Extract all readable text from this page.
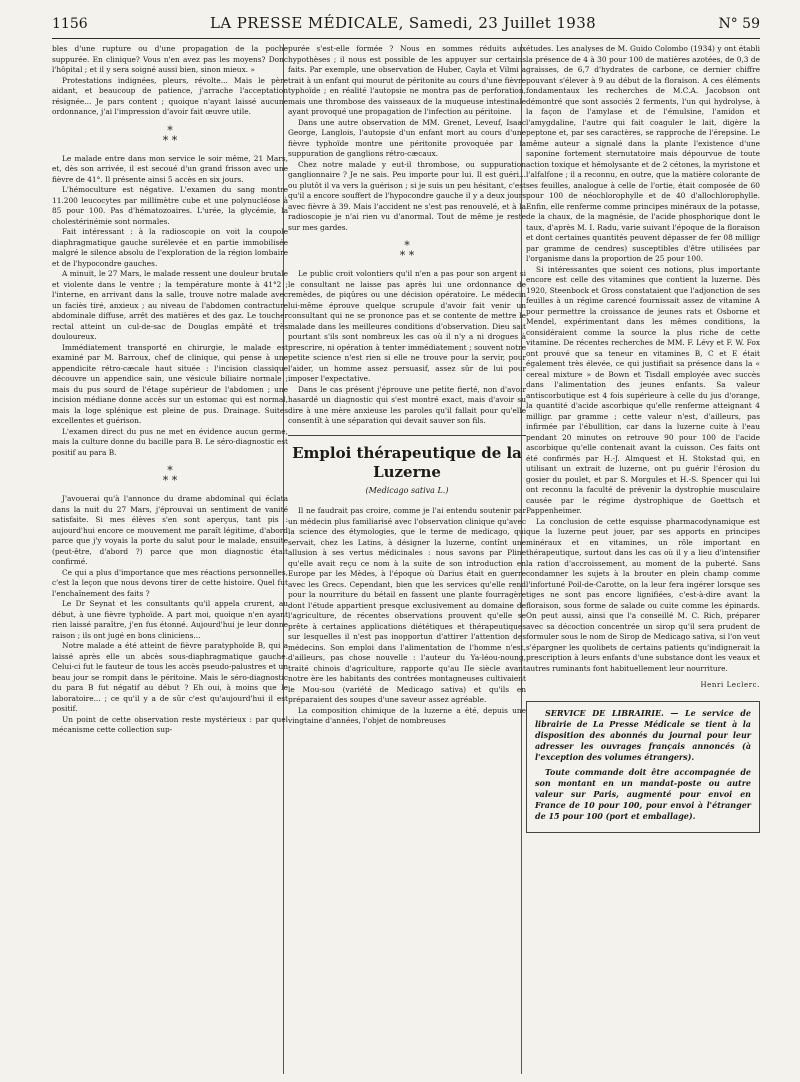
1156	LA PRESSE MÉDICALE, Samedi, 23 Juillet 1938	N° 59

bles d'une rupture ou d'une propagation de la poche suppurée. En clinique? Vous n'en avez pas les moyens? Donc l'hôpital ; et il y sera soigné aussi bien, sinon mieux. »

Protestations indignées, pleurs, révolte... Mais le père aidant, et beaucoup de patience, j'arrache l'acceptation résignée... Je pars content ; quoique n'ayant laissé aucune ordonnance, j'ai l'impression d'avoir fait œuvre utile.

*
* *

Le malade entre dans mon service le soir même, 21 Mars, et, dès son arrivée, il est secoué d'un grand frisson avec une fièvre de 41°. Il présente ainsi 5 accès en six jours.

L'hémoculture est négative. L'examen du sang montre 11.200 leucocytes par millimètre cube et une polynucléose à 85 pour 100. Pas d'hématozoaires. L'urée, la glycémie, la cholestérinémie sont normales.

Fait intéressant : à la radioscopie on voit la coupole diaphragmatique gauche surélevée et en partie immobilisée malgré le silence absolu de l'exploration de la région lombaire et de l'hypocondre gauches.

A minuit, le 27 Mars, le malade ressent une douleur brutale et violente dans le ventre ; la température monte à 41°2 ; l'interne, en arrivant dans la salle, trouve notre malade avec un faciès tiré, anxieux ; au niveau de l'abdomen contracture abdominale diffuse, arrêt des matières et des gaz. Le toucher rectal atteint un cul-de-sac de Douglas empâté et très douloureux.

Immédiatement transporté en chirurgie, le malade est examiné par M. Barroux, chef de clinique, qui pense à une appendicite rétro-cæcale haut située : l'incision classique découvre un appendice sain, une vésicule biliaire normale ; mais du pus sourd de l'étage supérieur de l'abdomen ; une incision médiane donne accès sur un estomac qui est normal, mais la loge splénique est pleine de pus. Drainage. Suites excellentes et guérison.

L'examen direct du pus ne met en évidence aucun germe, mais la culture donne du bacille para B. Le séro-diagnostic est positif au para B.

*
* *

J'avouerai qu'à l'annonce du drame abdominal qui éclata dans la nuit du 27 Mars, j'éprouvai un sentiment de vanité satisfaite. Si mes élèves s'en sont aperçus, tant pis : aujourd'hui encore ce mouvement me paraît légitime, d'abord parce que j'y voyais la porte du salut pour le malade, ensuite (peut-être, d'abord ?) parce que mon diagnostic était confirmé.

Ce qui a plus d'importance que mes réactions personnelles, c'est la leçon que nous devons tirer de cette histoire. Quel fut l'enchaînement des faits ?

Le Dr Seynat et les consultants qu'il appela crurent, au début, à une fièvre typhoïde. A part moi, quoique n'en ayant rien laissé paraître, j'en fus étonné. Aujourd'hui je leur donne raison ; ils ont jugé en bons cliniciens...

Notre malade a été atteint de fièvre paratyphoïde B, qui a laissé après elle un abcès sous-diaphragmatique gauche. Celui-ci fut le fauteur de tous les accès pseudo-palustres et un beau jour se rompit dans le péritoine. Mais le séro-diagnostic du para B fut négatif au début ? Eh oui, à moins que le laboratoire... ; ce qu'il y a de sûr c'est qu'aujourd'hui il est positif.

Un point de cette observation reste mystérieux : par quel mécanisme cette collection sup-

purée s'est-elle formée ? Nous en sommes réduits aux hypothèses ; il nous est possible de les appuyer sur certains faits. Par exemple, une observation de Huber, Cayla et Vilmi a trait à un enfant qui mourut de péritonite au cours d'une fièvre typhoïde ; en réalité l'autopsie ne montra pas de perforation, mais une thrombose des vaisseaux de la muqueuse intestinale ayant provoqué une propagation de l'infection au péritoine.

Dans une autre observation de MM. Grenet, Leveuf, Isaac George, Langlois, l'autopsie d'un enfant mort au cours d'une fièvre typhoïde montre une péritonite provoquée par la suppuration de ganglions rétro-cæcaux.

Chez notre malade y eut-il thrombose, ou suppuration ganglionnaire ? Je ne sais. Peu importe pour lui. Il est guéri... ou plutôt il va vers la guérison ; si je suis un peu hésitant, c'est qu'il a encore souffert de l'hypocondre gauche il y a deux jours avec fièvre à 39. Mais l'accident ne s'est pas renouvelé, et à la radioscopie je n'ai rien vu d'anormal. Tout de même je reste sur mes gardes.

*
* *

Le public croit volontiers qu'il n'en a pas pour son argent si le consultant ne laisse pas après lui une ordonnance de remèdes, de piqûres ou une décision opératoire. Le médecin lui-même éprouve quelque scrupule d'avoir fait venir un consultant qui ne se prononce pas et se contente de mettre le malade dans les meilleures conditions d'observation. Dieu sait pourtant s'ils sont nombreux les cas où il n'y a ni drogues à prescrire, ni opération à tenter immédiatement ; souvent notre petite science n'est rien si elle ne trouve pour la servir, pour l'aider, un homme assez persuasif, assez sûr de lui pour imposer l'expectative.

Dans le cas présent j'éprouve une petite fierté, non d'avoir hasardé un diagnostic qui s'est montré exact, mais d'avoir su dire à une mère anxieuse les paroles qu'il fallait pour qu'elle consentît à une séparation qui devait sauver son fils.

Emploi thérapeutique de la Luzerne
(Medicago sativa L.)

Il ne faudrait pas croire, comme je l'ai entendu soutenir par un médecin plus familiarisé avec l'observation clinique qu'avec la science des étymologies, que le terme de medicago, qui servait, chez les Latins, à désigner la luzerne, contînt une allusion à ses vertus médicinales : nous savons par Pline qu'elle avait reçu ce nom à la suite de son introduction en Europe par les Mèdes, à l'époque où Darius était en guerre avec les Grecs. Cependant, bien que les services qu'elle rend pour la nourriture du bétail en fassent une plante fourragère dont l'étude appartient presque exclusivement au domaine de l'agriculture, de récentes observations prouvent qu'elle se prête à certaines applications diététiques et thérapeutiques sur lesquelles il n'est pas inopportun d'attirer l'attention des médecins. Son emploi dans l'alimentation de l'homme n'est, d'ailleurs, pas chose nouvelle : l'auteur du Ya-léou-noung, traité chinois d'agriculture, rapporte qu'au IIe siècle avant notre ère les habitants des contrées montagneuses cultivaient le Mou-sou (variété de Medicago sativa) et qu'ils en préparaient des soupes d'une saveur assez agréable.

La composition chimique de la luzerne a été, depuis une vingtaine d'années, l'objet de nombreuses

études. Les analyses de M. Guido Colombo (1934) y ont établi la présence de 4 à 30 pour 100 de matières azotées, de 0,3 de graisses, de 6,7 d'hydrates de carbone, ce dernier chiffre pouvant s'élever à 9 au début de la floraison. A ces éléments fondamentaux les recherches de M.C.A. Jacobson ont démontré que sont associés 2 ferments, l'un qui hydrolyse, à la façon de l'amylase et de l'émulsine, l'amidon et l'amygdaline, l'autre qui fait coaguler le lait, digère la peptone et, par ses caractères, se rapproche de l'érepsine. Le même auteur a signalé dans la plante l'existence d'une saponine fortement sternutatoire mais dépourvue de toute action toxique et hémolysante et de 2 cétones, la myristone et l'alfalfone ; il a reconnu, en outre, que la matière colorante de ses feuilles, analogue à celle de l'ortie, était composée de 60 pour 100 de néochlorophylle et de 40 d'allochlorophylle. Enfin, elle renferme comme principes minéraux de la potasse, de la chaux, de la magnésie, de l'acide phosphorique dont le taux, d'après M. I. Radu, varie suivant l'époque de la floraison et dont certaines quantités peuvent dépasser de fer 08 milligr par gramme de cendres) susceptibles d'être utilisées par l'organisme dans la proportion de 25 pour 100.

Si intéressantes que soient ces notions, plus importante encore est celle des vitamines que contient la luzerne. Dès 1920, Steenbock et Gross constataient que l'adjonction de ses feuilles à un régime carencé fournissait assez de vitamine A pour permettre la croissance de jeunes rats et Osborne et Mendel, expérimentant dans les mêmes conditions, la considéraient comme la source la plus riche de cette vitamine. De récentes recherches de MM. F. Lévy et F. W. Fox ont prouvé que sa teneur en vitamines B, C et E était également très élevée, ce qui justifiait sa présence dans la « cereal mixture » de Bown et Tisdall employée avec succès dans l'alimentation des jeunes enfants. Sa valeur antiscorbutique est 4 fois supérieure à celle du jus d'orange, la quantité d'acide ascorbique qu'elle renferme atteignant 4 milligr. par gramme ; cette valeur n'est, d'ailleurs, pas infirmée par l'ébullition, car dans la luzerne cuite à l'eau pendant 20 minutes on retrouve 90 pour 100 de l'acide ascorbique qu'elle contenait avant la cuisson. Ces faits ont été confirmés par H.-J. Almquest et H. Stokstad qui, en utilisant un extrait de luzerne, ont pu guérir l'érosion du gosier du poulet, et par S. Morgules et H.-S. Spencer qui lui ont reconnu la faculté de prévenir la dystrophie musculaire causée par le régime dystrophique de Goettsch et Pappenheimer.

La conclusion de cette esquisse pharmacodynamique est que la luzerne peut jouer, par ses apports en principes minéraux et en vitamines, un rôle important en thérapeutique, surtout dans les cas où il y a lieu d'intensifier la ration d'accroissement, au moment de la puberté. Sans condamner les sujets à la brouter en plein champ comme l'infortuné Poil-de-Carotte, on la leur fera ingérer lorsque ses tiges ne sont pas encore lignifiées, c'est-à-dire avant la floraison, sous forme de salade ou cuite comme les épinards. On peut aussi, ainsi que l'a conseillé M. C. Rich, préparer avec sa décoction concentrée un sirop qu'il sera prudent de formuler sous le nom de Sirop de Medicago sativa, si l'on veut s'épargner les quolibets de certains patients qu'indignerait la prescription à leurs enfants d'une substance dont les veaux et autres ruminants font habituellement leur nourriture.

Henri Leclerc.

SERVICE DE LIBRAIRIE. — Le service de librairie de La Presse Médicale se tient à la disposition des abonnés du journal pour leur adresser les ouvrages français annoncés (à l'exception des volumes étrangers).

Toute commande doit être accompagnée de son montant en un mandat-poste ou autre valeur sur Paris, augmenté pour envoi en France de 10 pour 100, pour envoi à l'étranger de 15 pour 100 (port et emballage).
